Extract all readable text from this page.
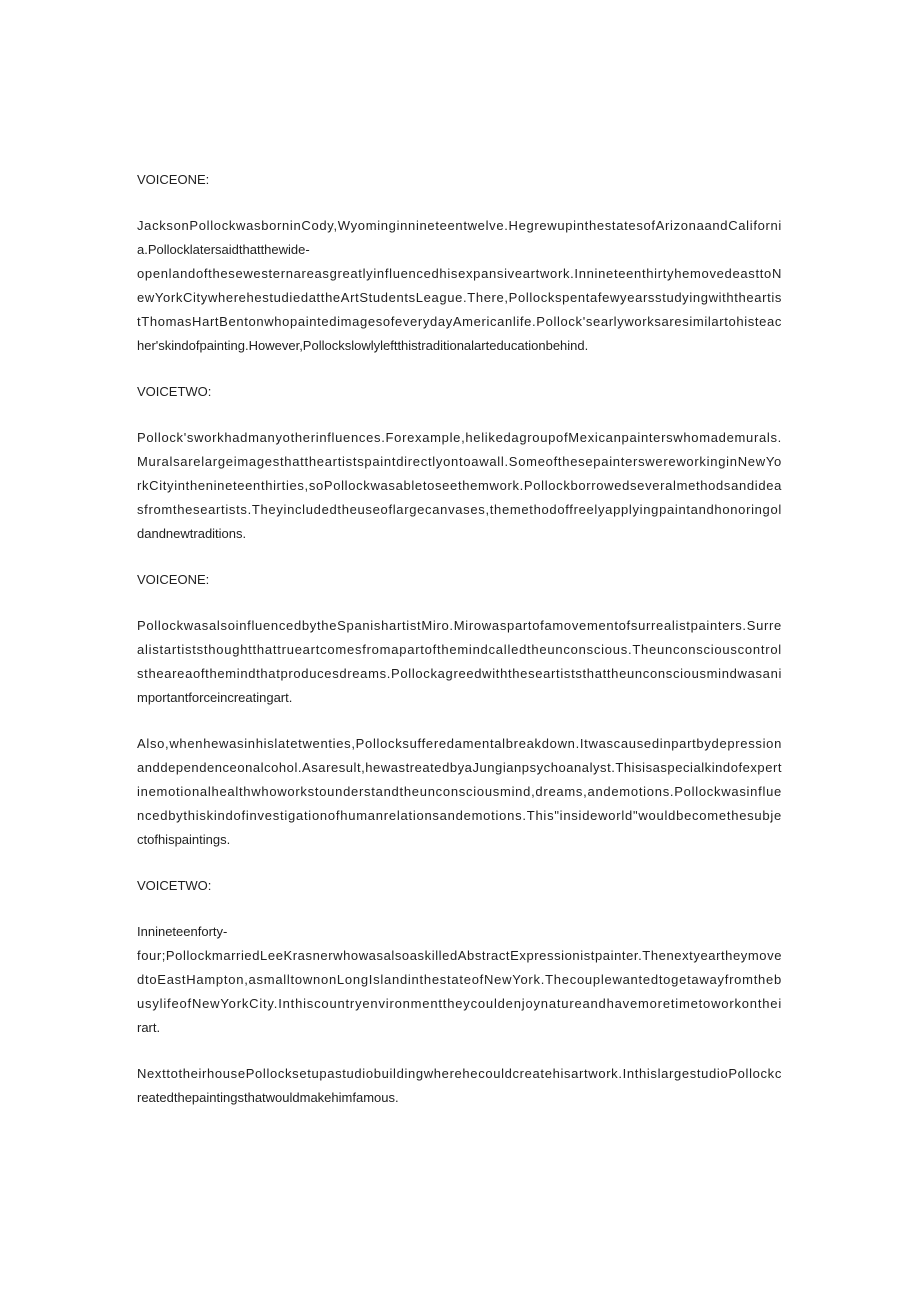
VOICEONE:
JacksonPollockwasborninCody,Wyominginnineteentwelve.HegrewupinthestatesofArizonaandCaliforni
a.Pollocklatersaidthatthewide-
openlandofthesewesternareasgreatlyinfluencedhisexpansiveartwork.InnineteenthirtyhemovedeasttoN
ewYorkCitywherehestudiedattheArtStudentsLeague.There,Pollockspentafewyearsstudyingwiththeartis
tThomasHartBentonwhopaintedimagesofeverydayAmericanlife.Pollock'searlyworksaresimilartohisteac
her'skindofpainting.However,Pollockslowlyleftthistraditionalarteducationbehind.
VOICETWO:
Pollock'sworkhadmanyotherinfluences.Forexample,helikedagroupofMexicanpainterswhomademurals.
Muralsarelargeimagesthattheartistspaintdirectlyontoawall.SomeofthesepainterswereworkinginNewYo
rkCityinthenineteenthirties,soPollockwasabletoseethemwork.Pollockborrowedseveralmethodsandidea
sfromtheseartists.Theyincludedtheuseoflargecanvases,themethodoffreelyapplyingpaintandhonoringol
dandnewtraditions.
VOICEONE:
PollockwasalsoinfluencedbytheSpanishartistMiro.Mirowaspartofamovementofsurrealistpainters.Surre
alistartiststhoughtthattrueartcomesfromapartofthemindcalledtheunconscious.Theunconsciouscontrol
stheareaofthemindthatproducesdreams.Pollockagreedwiththeseartiststhattheunconsciousmindwasani
mportantforceincreatingart.
Also,whenhewasinhislatetwenties,Pollocksufferedamentalbreakdown.Itwascausedinpartbydepression
anddependenceonalcohol.Asaresult,hewastreatedbyaJungianpsychoanalyst.Thisisaspecialkindofexpert
inemotionalhealthwhoworkstounderstandtheunconsciousmind,dreams,andemotions.Pollockwasinflue
ncedbythiskindofinvestigationofhumanrelationsandemotions.This"insideworld"wouldbecomethesubje
ctofhispaintings.
VOICETWO:
Innineteenforty-
four;PollockmarriedLeeKrasnerwhowasalsoaskilledAbstractExpressionistpainter.Thenextyeartheymove
dtoEastHampton,asmalltownonLongIslandinthestateofNewYork.Thecouplewantedtogetawayfromtheb
usylifeofNewYorkCity.Inthiscountryenvironmenttheycouldenjoynatureandhavemoretimetoworkonthei
rart.
NexttotheirhousePollocksetupastudiobuildingwherehecouldcreatehisartwork.InthislargestudioPollockc
reatedthepaintingsthatwouldmakehimfamous.
